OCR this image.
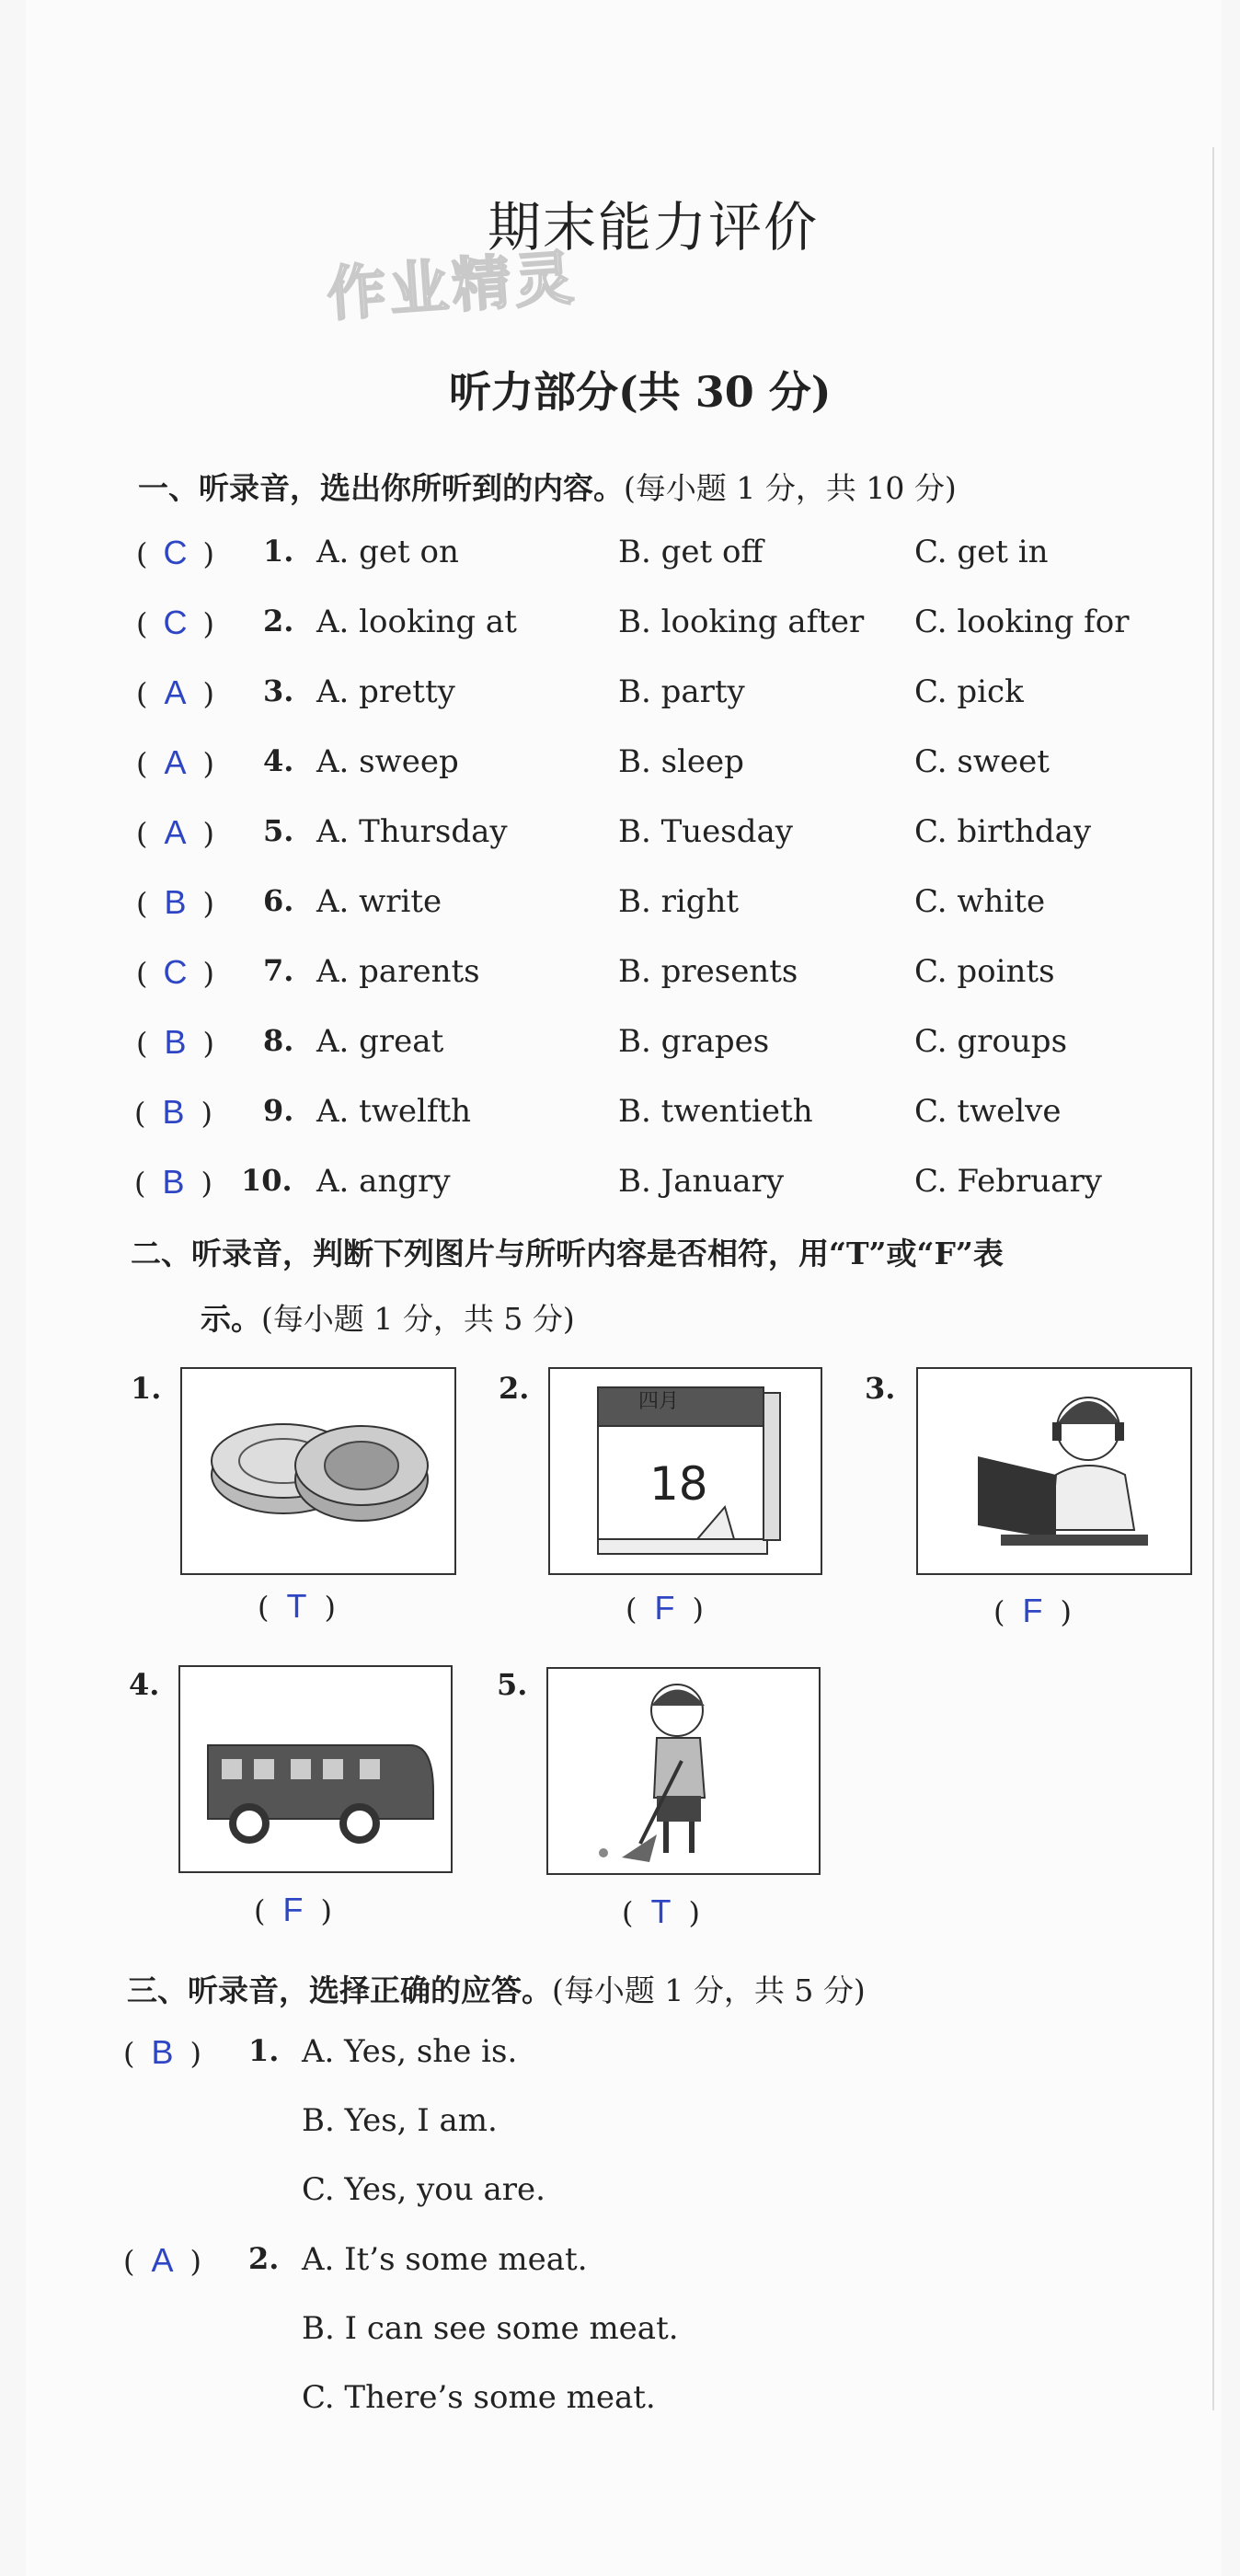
期末能力评价
作业精灵
听力部分(共 30 分)
一、听录音，选出你所听到的内容。(每小题 1 分，共 10 分)
( C ) 1. A. get on	B. get off	C. get in
( C ) 2. A. looking at	B. looking after C. looking for
( A ) 3. A. pretty	B. party	C. pick
( A ) 4. A. sweep	B. sleep	C. sweet
( A ) 5. A. Thursday	B. Tuesday	C. birthday
( B ) 6. A. write	B. right	C. white
( C ) 7. A. parents	B. presents	C. points
( B ) 8. A. great	B. grapes	C. groups
( B ) 9. A. twelfth	B. twentieth	C. twelve
( B ) 10. A. angry	B. January	C. February
二、听录音，判断下列图片与所听内容是否相符，用“T”或“F”表
示。(每小题 1 分，共 5 分)
1.
( T )
2.	四月
18
( F )
3.
( F )
4.
( F )
5.
( T )
三、听录音，选择正确的应答。(每小题 1 分，共 5 分)
( B ) 1. A. Yes, she is.
B. Yes, I am.
C. Yes, you are.
( A ) 2. A. It’s some meat.
B. I can see some meat.
C. There’s some meat.
